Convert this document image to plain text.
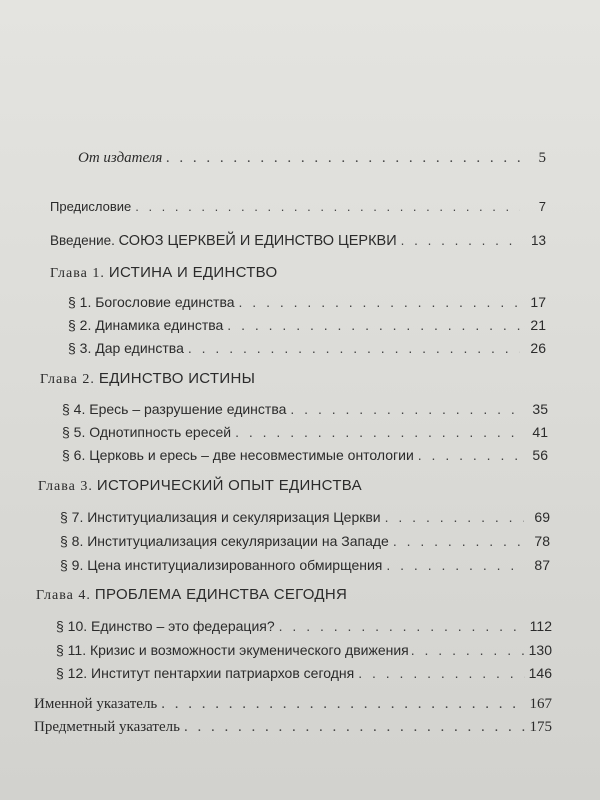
От издателя . . .	5
Предисловие . . .	7
Введение. СОЮЗ ЦЕРКВЕЙ И ЕДИНСТВО ЦЕРКВИ . . .	13
Глава 1. ИСТИНА И ЕДИНСТВО
§ 1. Богословие единства . . .	17
§ 2. Динамика единства . . .	21
§ 3. Дар единства . . .	26
Глава 2. ЕДИНСТВО ИСТИНЫ
§ 4. Ересь – разрушение единства . . .	35
§ 5. Однотипность ересей . . .	41
§ 6. Церковь и ересь – две несовместимые онтологии . . .	56
Глава 3. ИСТОРИЧЕСКИЙ ОПЫТ ЕДИНСТВА
§ 7. Институциализация и секуляризация Церкви . . .	69
§ 8. Институциализация секуляризации на Западе . . .	78
§ 9. Цена институциализированного обмирщения . . .	87
Глава 4. ПРОБЛЕМА ЕДИНСТВА СЕГОДНЯ
§ 10. Единство – это федерация? . . .	112
§ 11. Кризис и возможности экуменического движения . . .	130
§ 12. Институт пентархии патриархов сегодня . . .	146
Именной указатель . . .	167
Предметный указатель . . .	175
